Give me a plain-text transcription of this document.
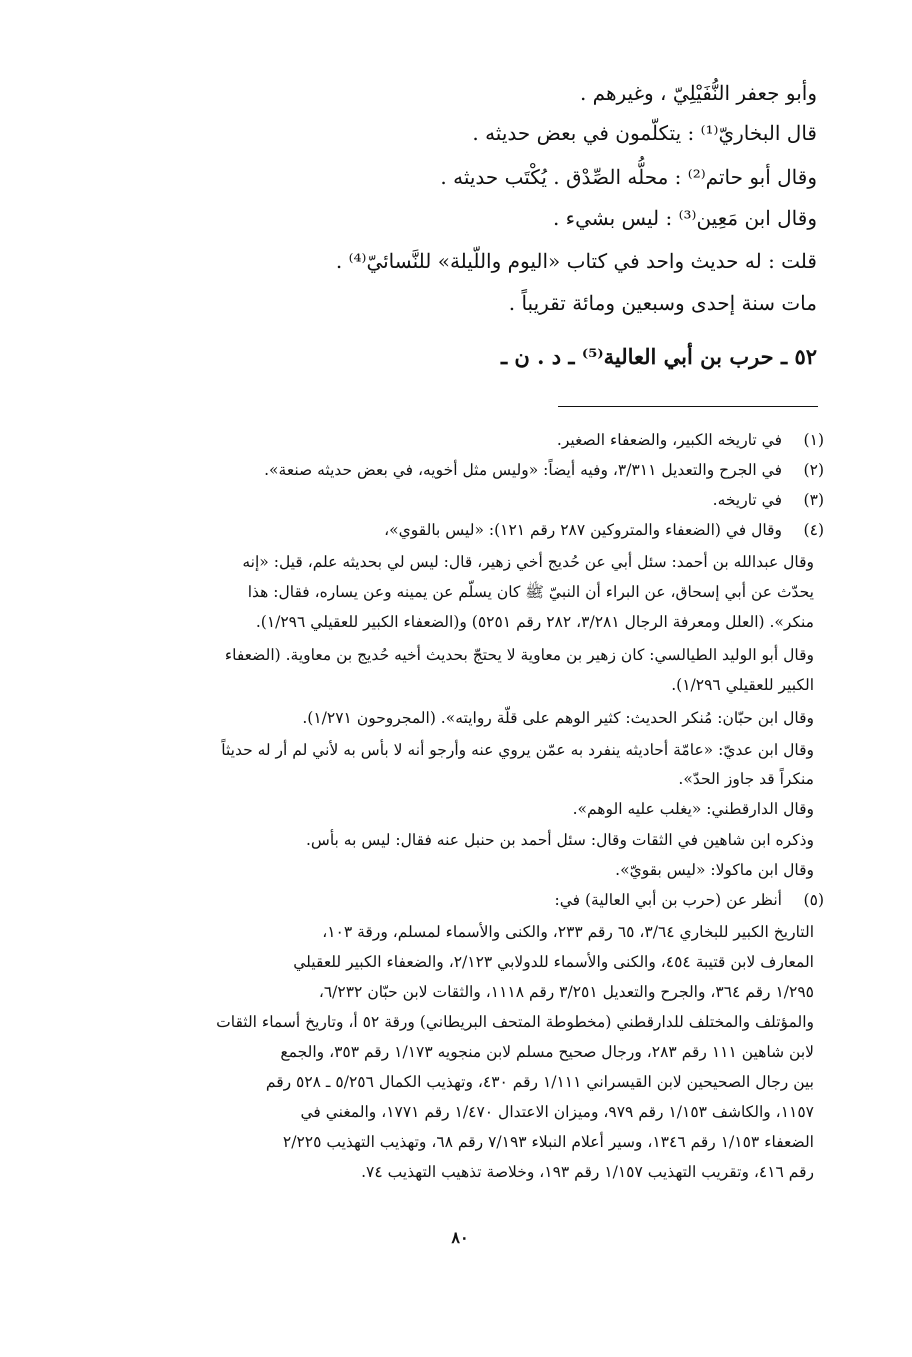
وأبو جعفر النُّفَيْلِيّ ، وغيرهم .
قال البخاريّ⁽¹⁾ : يتكلّمون في بعض حديثه .
وقال أبو حاتم⁽²⁾ : محلُّه الصِّدْق . يُكْتَب حديثه .
وقال ابن مَعِين⁽³⁾ : ليس بشيء .
قلت : له حديث واحد في كتاب «اليوم واللّيلة» للنَّسائيّ⁽⁴⁾ .
مات سنة إحدى وسبعين ومائة تقريباً .
٥٢ ـ حرب بن أبي العالية⁽⁵⁾ ـ د . ن ـ
(١)
في تاريخه الكبير، والضعفاء الصغير.
(٢)
في الجرح والتعديل ٣/٣١١، وفيه أيضاً: «وليس مثل أخويه، في بعض حديثه صنعة».
(٣)
في تاريخه.
(٤)
وقال في (الضعفاء والمتروكين ٢٨٧ رقم ١٢١): «ليس بالقوي»،
وقال عبدالله بن أحمد: سئل أبي عن حُديج أخي زهير، قال: ليس لي بحديثه علم، قيل: «إنه
يحدّث عن أبي إسحاق، عن البراء أن النبيّ ﷺ كان يسلّم عن يمينه وعن يساره، فقال: هذا
منكر». (العلل ومعرفة الرجال ٣/٢٨١، ٢٨٢ رقم ٥٢٥١) و(الضعفاء الكبير للعقيلي ١/٢٩٦).
وقال أبو الوليد الطيالسي: كان زهير بن معاوية لا يحتجّ بحديث أخيه حُديج بن معاوية. (الضعفاء
الكبير للعقيلي ١/٢٩٦).
وقال ابن حبّان: مُنكر الحديث: كثير الوهم على قلّة روايته». (المجروحون ١/٢٧١).
وقال ابن عديّ: «عامّة أحاديثه ينفرد به عمّن يروي عنه وأرجو أنه لا بأس به لأني لم أر له حديثاً
منكراً قد جاوز الحدّ».
وقال الدارقطني: «يغلب عليه الوهم».
وذكره ابن شاهين في الثقات وقال: سئل أحمد بن حنبل عنه فقال: ليس به بأس.
وقال ابن ماكولا: «ليس بقويّ».
(٥)
أنظر عن (حرب بن أبي العالية) في:
التاريخ الكبير للبخاري ٣/٦٤، ٦٥ رقم ٢٣٣، والكنى والأسماء لمسلم، ورقة ١٠٣،
المعارف لابن قتيبة ٤٥٤، والكنى والأسماء للدولابي ٢/١٢٣، والضعفاء الكبير للعقيلي
١/٢٩٥ رقم ٣٦٤، والجرح والتعديل ٣/٢٥١ رقم ١١١٨، والثقات لابن حبّان ٦/٢٣٢،
والمؤتلف والمختلف للدارقطني (مخطوطة المتحف البريطاني) ورقة ٥٢ أ، وتاريخ أسماء الثقات
لابن شاهين ١١١ رقم ٢٨٣، ورجال صحيح مسلم لابن منجويه ١/١٧٣ رقم ٣٥٣، والجمع
بين رجال الصحيحين لابن القيسراني ١/١١١ رقم ٤٣٠، وتهذيب الكمال ٥/٢٥٦ ـ ٥٢٨ رقم
١١٥٧، والكاشف ١/١٥٣ رقم ٩٧٩، وميزان الاعتدال ١/٤٧٠ رقم ١٧٧١، والمغني في
الضعفاء ١/١٥٣ رقم ١٣٤٦، وسير أعلام النبلاء ٧/١٩٣ رقم ٦٨، وتهذيب التهذيب ٢/٢٢٥
رقم ٤١٦، وتقريب التهذيب ١/١٥٧ رقم ١٩٣، وخلاصة تذهيب التهذيب ٧٤.
٨٠
